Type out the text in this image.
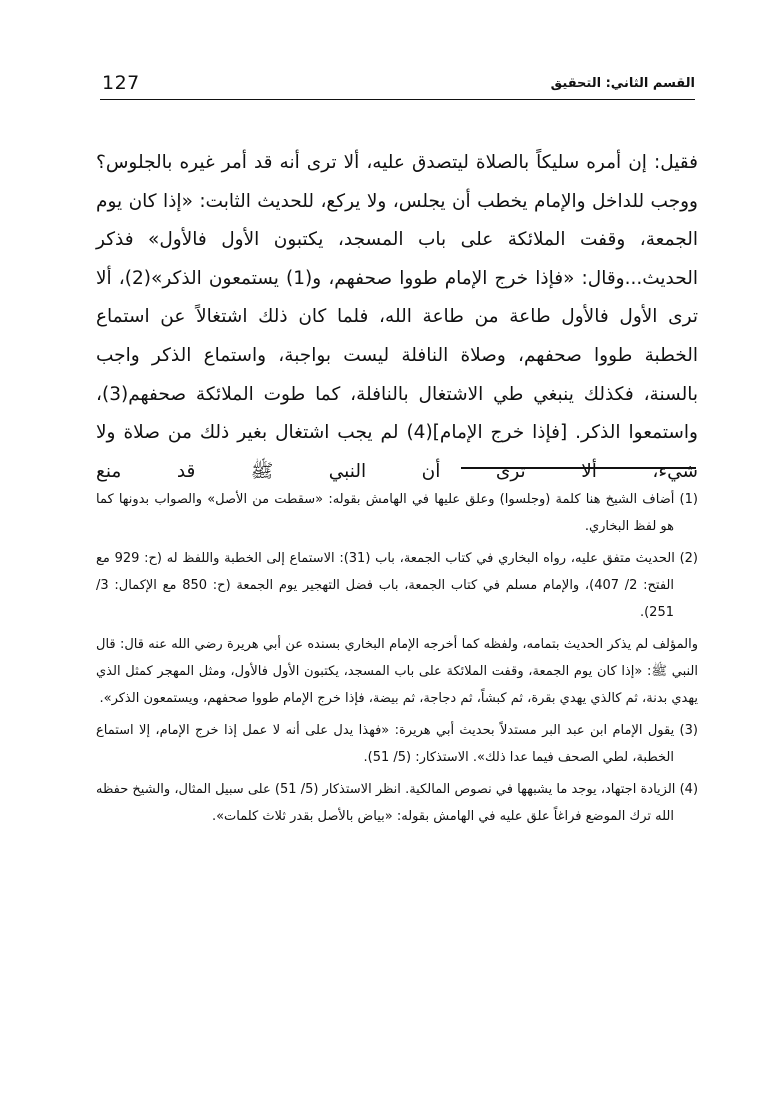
127	القسم الثاني: التحقيق

فقيل: إن أمره سليكاً بالصلاة ليتصدق عليه، ألا ترى أنه قد أمر غيره بالجلوس؟ ووجب للداخل والإمام يخطب أن يجلس، ولا يركع، للحديث الثابت: «إذا كان يوم الجمعة، وقفت الملائكة على باب المسجد، يكتبون الأول فالأول» فذكر الحديث...وقال: «فإذا خرج الإمام طووا صحفهم، و(1) يستمعون الذكر»(2)، ألا ترى الأول فالأول طاعة من طاعة الله، فلما كان ذلك اشتغالاً عن استماع الخطبة طووا صحفهم، وصلاة النافلة ليست بواجبة، واستماع الذكر واجب بالسنة، فكذلك ينبغي طي الاشتغال بالنافلة، كما طوت الملائكة صحفهم(3)، واستمعوا الذكر. [فإذا خرج الإمام](4) لم يجب اشتغال بغير ذلك من صلاة ولا شيء، ألا ترى أن النبي ﷺ قد منع

(1) أضاف الشيخ هنا كلمة (وجلسوا) وعلق عليها في الهامش بقوله: «سقطت من الأصل» والصواب بدونها كما هو لفظ البخاري.

(2) الحديث متفق عليه، رواه البخاري في كتاب الجمعة، باب (31): الاستماع إلى الخطبة واللفظ له (ح: 929 مع الفتح: 2/ 407)، والإمام مسلم في كتاب الجمعة، باب فضل التهجير يوم الجمعة (ح: 850 مع الإكمال: 3/ 251).

والمؤلف لم يذكر الحديث بتمامه، ولفظه كما أخرجه الإمام البخاري بسنده عن أبي هريرة رضي الله عنه قال: قال النبي ﷺ: «إذا كان يوم الجمعة، وقفت الملائكة على باب المسجد، يكتبون الأول فالأول، ومثل المهجر كمثل الذي يهدي بدنة، ثم كالذي يهدي بقرة، ثم كبشاً، ثم دجاجة، ثم بيضة، فإذا خرج الإمام طووا صحفهم، ويستمعون الذكر».

(3) يقول الإمام ابن عبد البر مستدلاً بحديث أبي هريرة: «فهذا يدل على أنه لا عمل إذا خرج الإمام، إلا استماع الخطبة، لطي الصحف فيما عدا ذلك». الاستذكار: (5/ 51).

(4) الزيادة اجتهاد، يوجد ما يشبهها في نصوص المالكية. انظر الاستذكار (5/ 51) على سبيل المثال، والشيخ حفظه الله ترك الموضع فراغاً علق عليه في الهامش بقوله: «بياض بالأصل بقدر ثلاث كلمات».
